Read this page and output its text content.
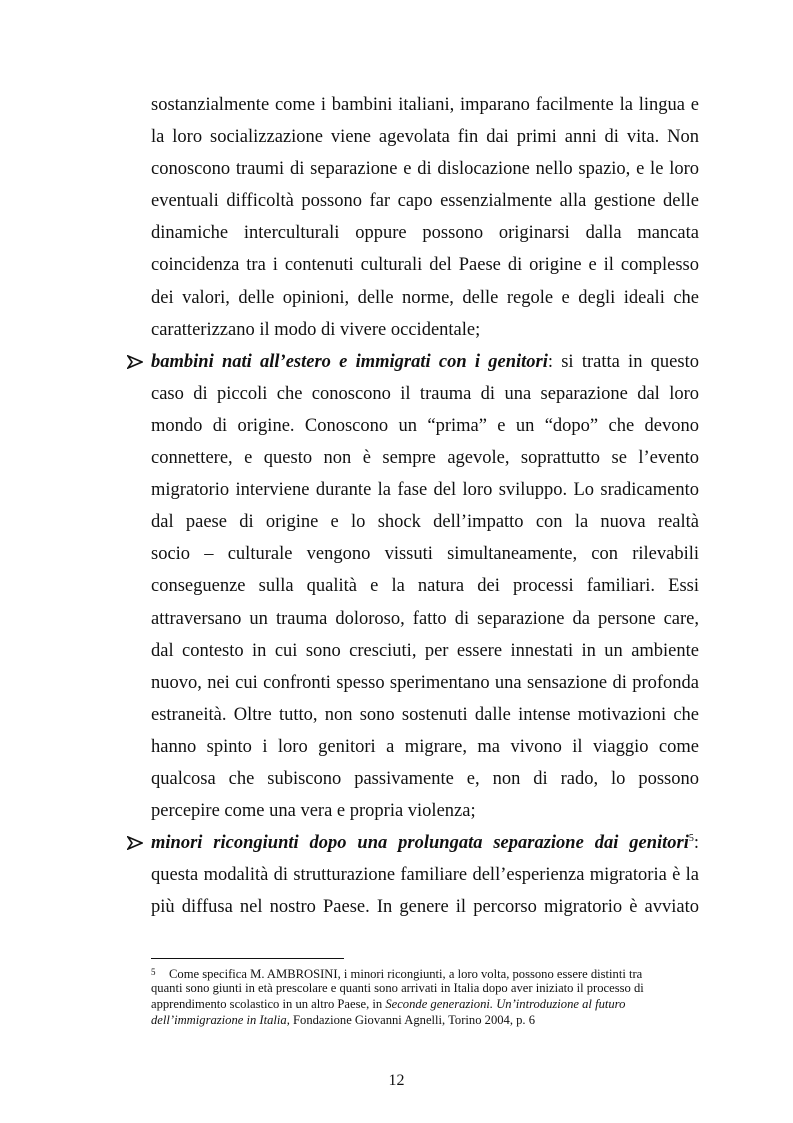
sostanzialmente come i bambini italiani, imparano facilmente la lingua e
la loro socializzazione viene agevolata fin dai primi anni di vita. Non
conoscono traumi di separazione e di dislocazione nello spazio, e le loro
eventuali difficoltà possono far capo essenzialmente alla gestione delle
dinamiche interculturali oppure possono originarsi dalla mancata
coincidenza tra i contenuti culturali del Paese di origine e il complesso
dei valori, delle opinioni, delle norme, delle regole e degli ideali che
caratterizzano il modo di vivere occidentale;
bambini nati all’estero e immigrati con i genitori: si tratta in questo
caso di piccoli che conoscono il trauma di una separazione dal loro
mondo di origine. Conoscono un “prima” e un “dopo” che devono
connettere, e questo non è sempre agevole, soprattutto se l’evento
migratorio interviene durante la fase del loro sviluppo. Lo sradicamento
dal paese di origine e lo shock dell’impatto con la nuova realtà
socio – culturale vengono vissuti simultaneamente, con rilevabili
conseguenze sulla qualità e la natura dei processi familiari. Essi
attraversano un trauma doloroso, fatto di separazione da persone care,
dal contesto in cui sono cresciuti, per essere innestati in un ambiente
nuovo, nei cui confronti spesso sperimentano una sensazione di profonda
estraneità. Oltre tutto, non sono sostenuti dalle intense motivazioni che
hanno spinto i loro genitori a migrare, ma vivono il viaggio come
qualcosa che subiscono passivamente e, non di rado, lo possono
percepire come una vera e propria violenza;
minori ricongiunti dopo una prolungata separazione dai genitori$^5$:
questa modalità di strutturazione familiare dell’esperienza migratoria è la
più diffusa nel nostro Paese. In genere il percorso migratorio è avviato
5 Come specifica M. AMBROSINI, i minori ricongiunti, a loro volta, possono essere distinti tra
quanti sono giunti in età prescolare e quanti sono arrivati in Italia dopo aver iniziato il processo di
apprendimento scolastico in un altro Paese, in Seconde generazioni. Un’introduzione al futuro
dell’immigrazione in Italia, Fondazione Giovanni Agnelli, Torino 2004, p. 6
12
